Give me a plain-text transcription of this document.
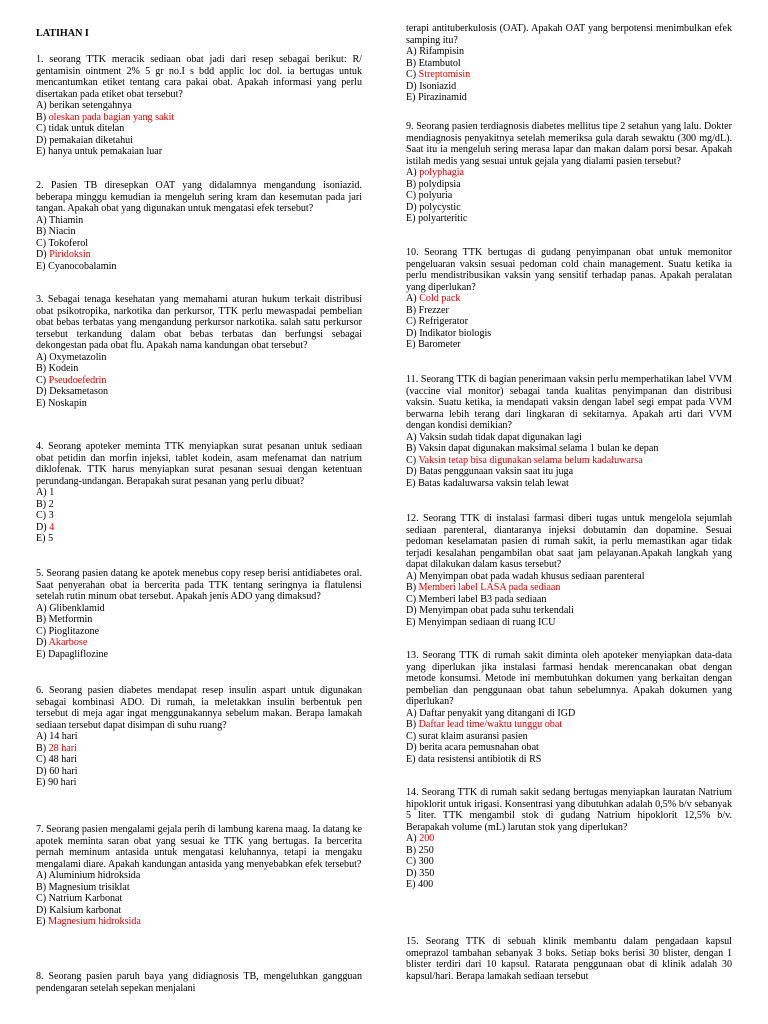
LATIHAN I
1. seorang TTK meracik sediaan obat jadi dari resep sebagai berikut: R/ gentamisin ointment 2% 5 gr no.I s bdd applic loc dol. ia bertugas untuk mencantumkan etiket tentang cara pakai obat. Apakah informasi yang perlu disertakan pada etiket obat tersebut?
A) berikan setengahnya
B) oleskan pada bagian yang sakit
C) tidak untuk ditelan
D) pemakaian diketahui
E) hanya untuk pemakaian luar
2. Pasien TB diresepkan OAT yang didalamnya mengandung isoniazid. beberapa minggu kemudian ia mengeluh sering kram dan kesemutan pada jari tangan. Apakah obat yang digunakan untuk mengatasi efek tersebut?
A) Thiamin
B) Niacin
C) Tokoferol
D) Piridoksin
E) Cyanocobalamin
3. Sebagai tenaga kesehatan yang memahami aturan hukum terkait distribusi obat psikotropika, narkotika dan perkursor, TTK perlu mewaspadai pembelian obat bebas terbatas yang mengandung perkursor narkotika. salah satu perkursor tersebut terkandung dalam obat bebas terbatas dan berfungsi sebagai dekongestan pada obat flu. Apakah nama kandungan obat tersebut?
A) Oxymetazolin
B) Kodein
C) Pseudoefedrin
D) Deksametason
E) Noskapin
4. Seorang apoteker meminta TTK menyiapkan surat pesanan untuk sediaan obat petidin dan morfin injeksi, tablet kodein, asam mefenamat dan natrium diklofenak. TTK harus menyiapkan surat pesanan sesuai dengan ketentuan perundang-undangan. Berapakah surat pesanan yang perlu dibuat?
A) 1
B) 2
C) 3
D) 4
E) 5
5. Seorang pasien datang ke apotek menebus copy resep berisi antidiabetes oral. Saat penyerahan obat ia bercerita pada TTK tentang seringnya ia flatulensi setelah rutin minum obat tersebut. Apakah jenis ADO yang dimaksud?
A) Glibenklamid
B) Metformin
C) Pioglitazone
D) Akarbose
E) Dapagliflozine
6. Seorang pasien diabetes mendapat resep insulin aspart untuk digunakan sebagai kombinasi ADO. Di rumah, ia meletakkan insulin berbentuk pen tersebut di meja agar ingat menggunakannya sebelum makan. Berapa lamakah sediaan tersebut dapat disimpan di suhu ruang?
A) 14 hari
B) 28 hari
C) 48 hari
D) 60 hari
E) 90 hari
7. Seorang pasien mengalami gejala perih di lambung karena maag. Ia datang ke apotek meminta saran obat yang sesuai ke TTK yang bertugas. Ia bercerita pernah meminum antasida untuk mengatasi keluhannya, tetapi ia mengaku mengalami diare. Apakah kandungan antasida yang menyebabkan efek tersebut?
A) Aluminium hidroksida
B) Magnesium trisiklat
C) Natrium Karbonat
D) Kalsium karbonat
E) Magnesium hidroksida
8. Seorang pasien paruh baya yang didiagnosis TB, mengeluhkan gangguan pendengaran setelah sepekan menjalani
terapi antituberkulosis (OAT). Apakah OAT yang berpotensi menimbulkan efek samping itu?
A) Rifampisin
B) Etambutol
C) Streptomisin
D) Isoniazid
E) Pirazinamid
9. Seorang pasien terdiagnosis diabetes mellitus tipe 2 setahun yang lalu. Dokter mendiagnosis penyakitnya setelah memeriksa gula darah sewaktu (300 mg/dL). Saat itu ia mengeluh sering merasa lapar dan makan dalam porsi besar. Apakah istilah medis yang sesuai untuk gejala yang dialami pasien tersebut?
A) polyphagia
B) polydipsia
C) polyuria
D) polycystic
E) polyarteritic
10. Seorang TTK bertugas di gudang penyimpanan obat untuk memonitor pengeluaran vaksin sesuai pedoman cold chain management. Suatu ketika ia perlu mendistribusikan vaksin yang sensitif terhadap panas. Apakah peralatan yang diperlukan?
A) Cold pack
B) Frezzer
C) Refrigerator
D) Indikator biologis
E) Barometer
11. Seorang TTK di bagian penerimaan vaksin perlu memperhatikan label VVM (vaccine vial monitor) sebagai tanda kualitas penyimpanan dan distribusi vaksin. Suatu ketika, ia mendapati vaksin dengan label segi empat pada VVM berwarna lebih terang dari lingkaran di sekitarnya. Apakah arti dari VVM dengan kondisi demikian?
A) Vaksin sudah tidak dapat digunakan lagi
B) Vaksin dapat digunakan maksimal selama 1 bulan ke depan
C) Vaksin tetap bisa digunakan selama belum kadaluwarsa
D) Batas penggunaan vaksin saat itu juga
E) Batas kadaluwarsa vaksin telah lewat
12. Seorang TTK di instalasi farmasi diberi tugas untuk mengelola sejumlah sediaan parenteral, diantaranya injeksi dobutamin dan dopamine. Sesuai pedoman keselamatan pasien di rumah sakit, ia perlu memastikan agar tidak terjadi kesalahan pengambilan obat saat jam pelayanan.Apakah langkah yang dapat dilakukan dalam kasus tersebut?
A) Menyimpan obat pada wadah khusus sediaan parenteral
B) Memberi label LASA pada sediaan
C) Memberi label B3 pada sediaan
D) Menyimpan obat pada suhu terkendali
E) Menyimpan sediaan di ruang ICU
13. Seorang TTK di rumah sakit diminta oleh apoteker menyiapkan data-data yang diperlukan jika instalasi farmasi hendak merencanakan obat dengan metode konsumsi. Metode ini membutuhkan dokumen yang berkaitan dengan pembelian dan penggunaan obat tahun sebelumnya. Apakah dokumen yang diperlukan?
A) Daftar penyakit yang ditangani di IGD
B) Daftar lead time/waktu tunggu obat
C) surat klaim asuransi pasien
D) berita acara pemusnahan obat
E) data resistensi antibiotik di RS
14. Seorang TTK di rumah sakit sedang bertugas menyiapkan lauratan Natrium hipoklorit untuk irigasi. Konsentrasi yang dibutuhkan adalah 0,5% b/v sebanyak 5 liter. TTK mengambil stok di gudang Natrium hipoklorit 12,5% b/v. Berapakah volume (mL) larutan stok yang diperlukan?
A) 200
B) 250
C) 300
D) 350
E) 400
15. Seorang TTK di sebuah klinik membantu dalam pengadaan kapsul omeprazol tambahan sebanyak 3 boks. Setiap boks berisi 30 blister, dengan 1 blister terdiri dari 10 kapsul. Ratarata penggunaan obat di klinik adalah 30 kapsul/hari. Berapa lamakah sediaan tersebut
